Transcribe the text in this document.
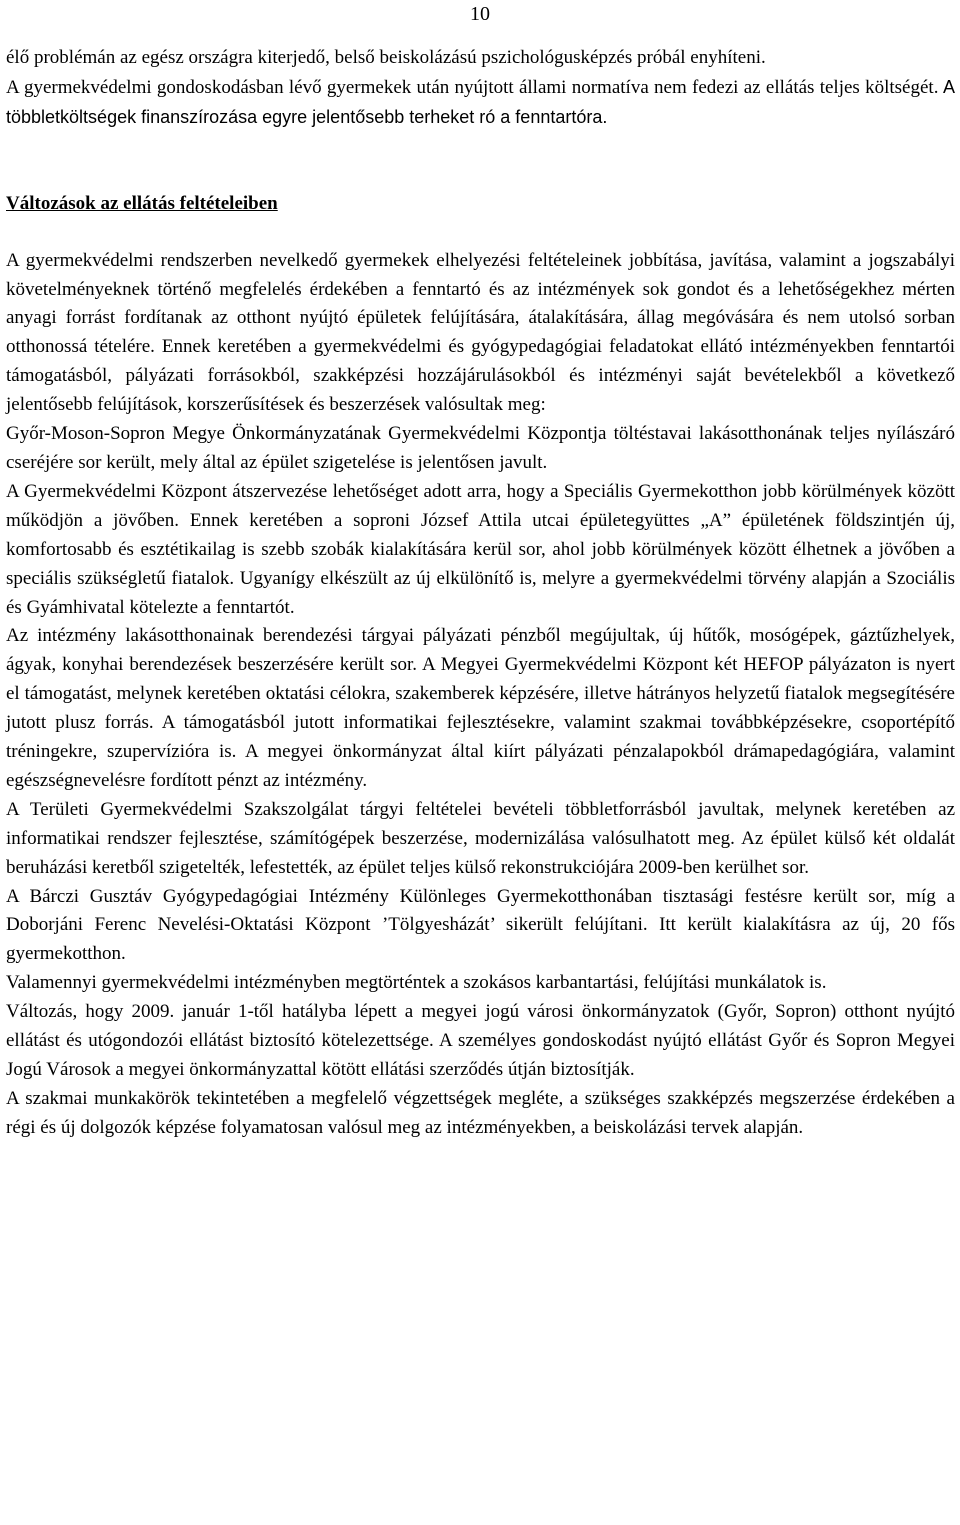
10

élő problémán az egész országra kiterjedő, belső beiskolázású pszichológusképzés próbál enyhíteni.

A gyermekvédelmi gondoskodásban lévő gyermekek után nyújtott állami normatíva nem fedezi az ellátás teljes költségét. A többletköltségek finanszírozása egyre jelentősebb terheket ró a fenntartóra.

Változások az ellátás feltételeiben

A gyermekvédelmi rendszerben nevelkedő gyermekek elhelyezési feltételeinek jobbítása, javítása, valamint a jogszabályi követelményeknek történő megfelelés érdekében a fenntartó és az intézmények sok gondot és a lehetőségekhez mérten anyagi forrást fordítanak az otthont nyújtó épületek felújítására, átalakítására, állag megóvására és nem utolsó sorban otthonossá tételére. Ennek keretében a gyermekvédelmi és gyógypedagógiai feladatokat ellátó intézményekben fenntartói támogatásból, pályázati forrásokból, szakképzési hozzájárulásokból és intézményi saját bevételekből a következő jelentősebb felújítások, korszerűsítések és beszerzések valósultak meg:

Győr-Moson-Sopron Megye Önkormányzatának Gyermekvédelmi Központja töltéstavai lakásotthonának teljes nyílászáró cseréjére sor került, mely által az épület szigetelése is jelentősen javult.

A Gyermekvédelmi Központ átszervezése lehetőséget adott arra, hogy a Speciális Gyermekotthon jobb körülmények között működjön a jövőben. Ennek keretében a soproni József Attila utcai épületegyüttes „A” épületének földszintjén új, komfortosabb és esztétikailag is szebb szobák kialakítására kerül sor, ahol jobb körülmények között élhetnek a jövőben a speciális szükségletű fiatalok. Ugyanígy elkészült az új elkülönítő is, melyre a gyermekvédelmi törvény alapján a Szociális és Gyámhivatal kötelezte a fenntartót.

Az intézmény lakásotthonainak berendezési tárgyai pályázati pénzből megújultak, új hűtők, mosógépek, gáztűzhelyek, ágyak, konyhai berendezések beszerzésére került sor. A Megyei Gyermekvédelmi Központ két HEFOP pályázaton is nyert el támogatást, melynek keretében oktatási célokra, szakemberek képzésére, illetve hátrányos helyzetű fiatalok megsegítésére jutott plusz forrás. A támogatásból jutott informatikai fejlesztésekre, valamint szakmai továbbképzésekre, csoportépítő tréningekre, szupervízióra is. A megyei önkormányzat által kiírt pályázati pénzalapokból drámapedagógiára, valamint egészségnevelésre fordított pénzt az intézmény.

A Területi Gyermekvédelmi Szakszolgálat tárgyi feltételei bevételi többletforrásból javultak, melynek keretében az informatikai rendszer fejlesztése, számítógépek beszerzése, modernizálása valósulhatott meg. Az épület külső két oldalát beruházási keretből szigetelték, lefestették, az épület teljes külső rekonstrukciójára 2009-ben kerülhet sor.

A Bárczi Gusztáv Gyógypedagógiai Intézmény Különleges Gyermekotthonában tisztasági festésre került sor, míg a Doborjáni Ferenc Nevelési-Oktatási Központ ’Tölgyesházát’ sikerült felújítani. Itt került kialakításra az új, 20 fős gyermekotthon.

Valamennyi gyermekvédelmi intézményben megtörténtek a szokásos karbantartási, felújítási munkálatok is.

Változás, hogy 2009. január 1-től hatályba lépett a megyei jogú városi önkormányzatok (Győr, Sopron) otthont nyújtó ellátást és utógondozói ellátást biztosító kötelezettsége. A személyes gondoskodást nyújtó ellátást Győr és Sopron Megyei Jogú Városok a megyei önkormányzattal kötött ellátási szerződés útján biztosítják.

A szakmai munkakörök tekintetében a megfelelő végzettségek megléte, a szükséges szakképzés megszerzése érdekében a régi és új dolgozók képzése folyamatosan valósul meg az intézményekben, a beiskolázási tervek alapján.
